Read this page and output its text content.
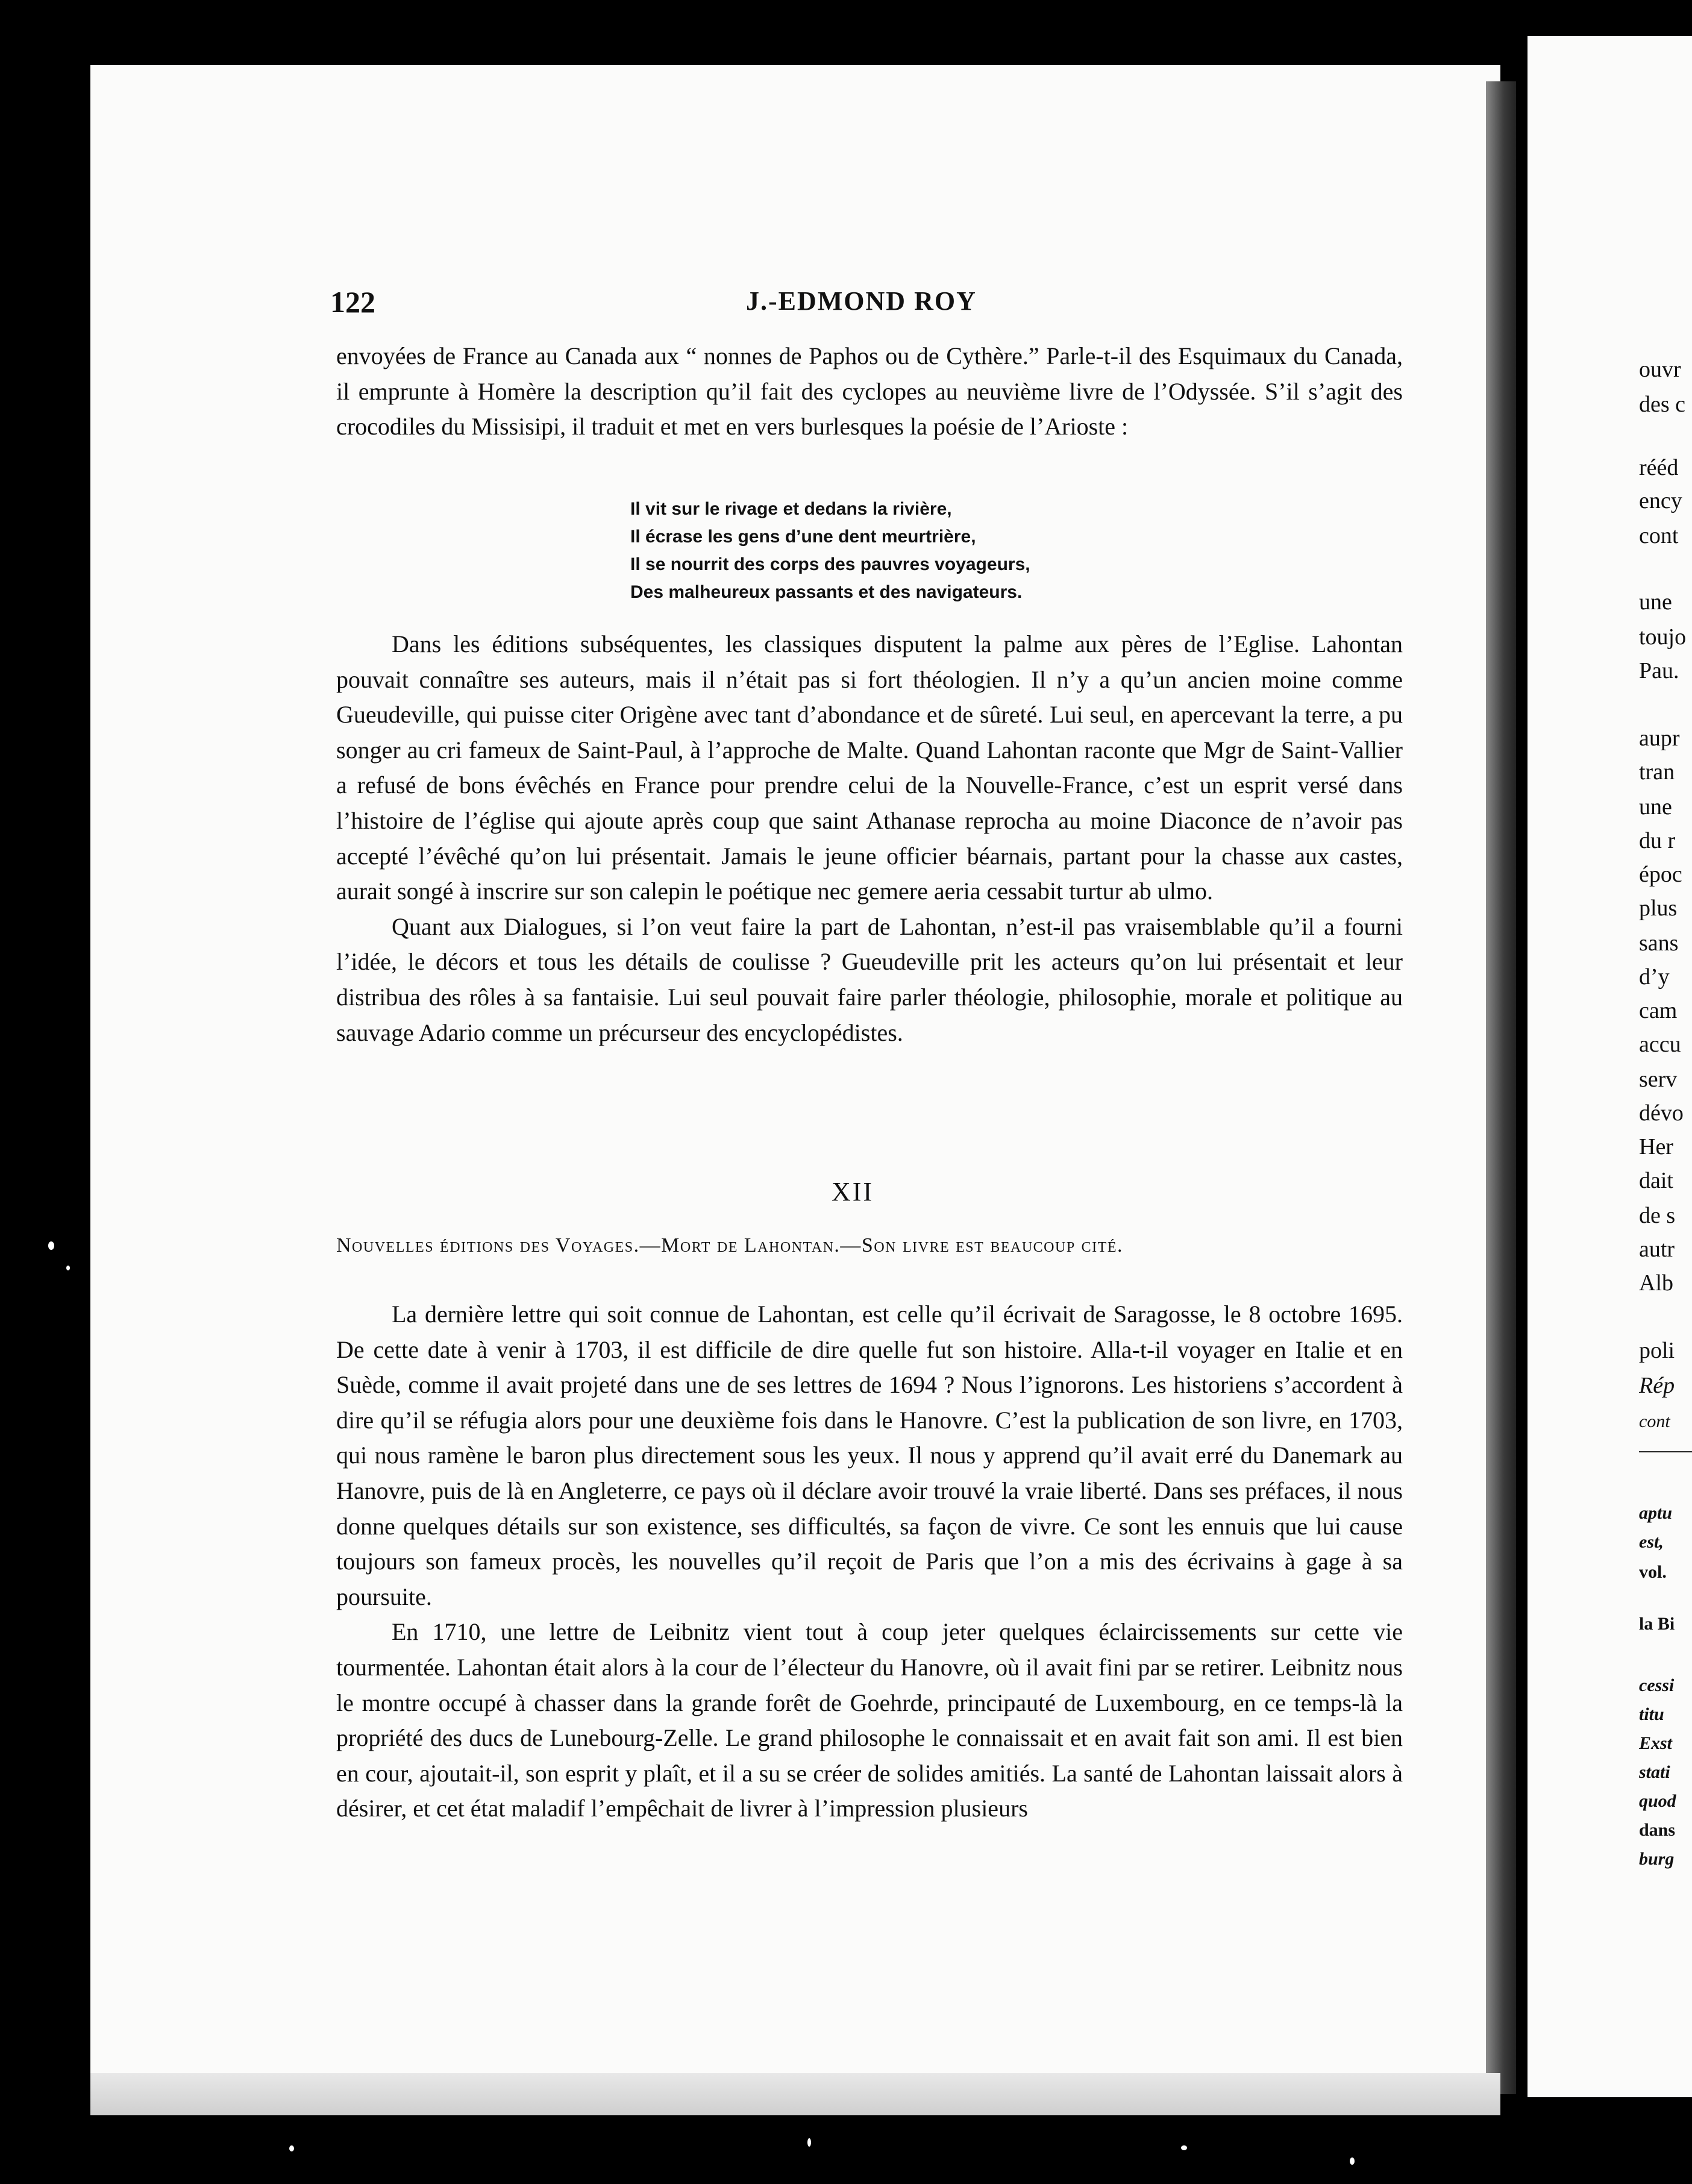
122	J.-EDMOND ROY

envoyées de France au Canada aux “ nonnes de Paphos ou de Cythère.” Parle-t-il des Esquimaux du Canada, il emprunte à Homère la description qu’il fait des cyclopes au neuvième livre de l’Odyssée. S’il s’agit des crocodiles du Missisipi, il traduit et met en vers burlesques la poésie de l’Arioste :

Il vit sur le rivage et dedans la rivière,
Il écrase les gens d’une dent meurtrière,
Il se nourrit des corps des pauvres voyageurs,
Des malheureux passants et des navigateurs.

Dans les éditions subséquentes, les classiques disputent la palme aux pères de l’Eglise. Lahontan pouvait connaître ses auteurs, mais il n’était pas si fort théologien. Il n’y a qu’un ancien moine comme Gueudeville, qui puisse citer Origène avec tant d’abondance et de sûreté. Lui seul, en apercevant la terre, a pu songer au cri fameux de Saint-Paul, à l’approche de Malte. Quand Lahontan raconte que Mgr de Saint-Vallier a refusé de bons évêchés en France pour prendre celui de la Nouvelle-France, c’est un esprit versé dans l’histoire de l’église qui ajoute après coup que saint Athanase reprocha au moine Diaconce de n’avoir pas accepté l’évêché qu’on lui présentait. Jamais le jeune officier béarnais, partant pour la chasse aux castes, aurait songé à inscrire sur son calepin le poétique nec gemere aeria cessabit turtur ab ulmo.

Quant aux Dialogues, si l’on veut faire la part de Lahontan, n’est-il pas vraisemblable qu’il a fourni l’idée, le décors et tous les détails de coulisse ? Gueudeville prit les acteurs qu’on lui présentait et leur distribua des rôles à sa fantaisie. Lui seul pouvait faire parler théologie, philosophie, morale et politique au sauvage Adario comme un précurseur des encyclopédistes.

XII
Nouvelles éditions des Voyages.—Mort de Lahontan.—Son livre est beaucoup cité.

La dernière lettre qui soit connue de Lahontan, est celle qu’il écrivait de Saragosse, le 8 octobre 1695. De cette date à venir à 1703, il est difficile de dire quelle fut son histoire. Alla-t-il voyager en Italie et en Suède, comme il avait projeté dans une de ses lettres de 1694 ? Nous l’ignorons. Les historiens s’accordent à dire qu’il se réfugia alors pour une deuxième fois dans le Hanovre. C’est la publication de son livre, en 1703, qui nous ramène le baron plus directement sous les yeux. Il nous y apprend qu’il avait erré du Danemark au Hanovre, puis de là en Angleterre, ce pays où il déclare avoir trouvé la vraie liberté. Dans ses préfaces, il nous donne quelques détails sur son existence, ses difficultés, sa façon de vivre. Ce sont les ennuis que lui cause toujours son fameux procès, les nouvelles qu’il reçoit de Paris que l’on a mis des écrivains à gage à sa poursuite.

En 1710, une lettre de Leibnitz vient tout à coup jeter quelques éclaircissements sur cette vie tourmentée. Lahontan était alors à la cour de l’électeur du Hanovre, où il avait fini par se retirer. Leibnitz nous le montre occupé à chasser dans la grande forêt de Goehrde, principauté de Luxembourg, en ce temps-là la propriété des ducs de Lunebourg-Zelle. Le grand philosophe le connaissait et en avait fait son ami. Il est bien en cour, ajoutait-il, son esprit y plaît, et il a su se créer de solides amitiés. La santé de Lahontan laissait alors à désirer, et cet état maladif l’empêchait de livrer à l’impression plusieurs

ouvr
des c
rééd
ency
cont
une
toujo
Pau.
aupr
tran
une
du r
époc
plus
sans
d’y
cam
accu
serv
dévo
Her
dait
de s
autr
Alb
poli
Rép
cont
aptu
est,
vol.
la Bi
cessi
titu
Exst
stati
quod
dans
burg
